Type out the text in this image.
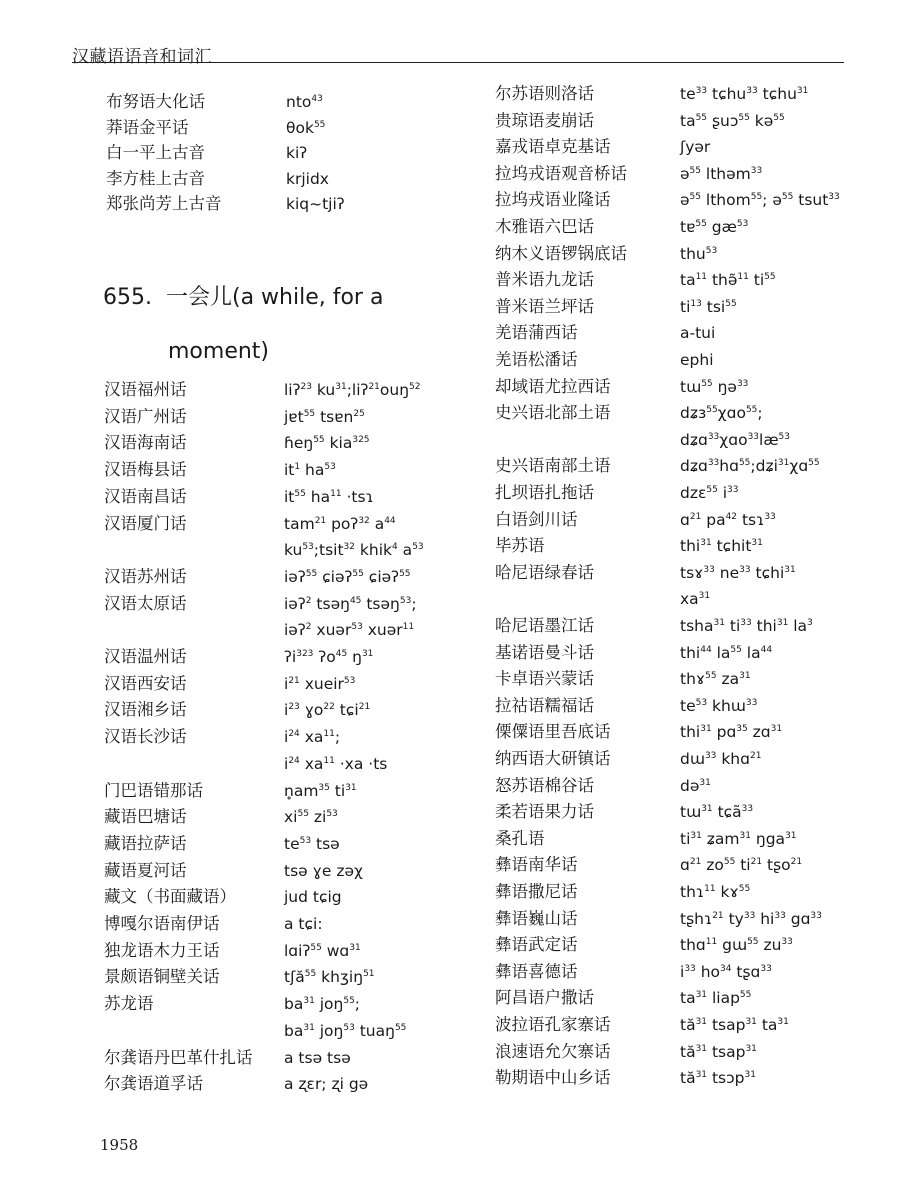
汉藏语语音和词汇
布努语大化话	nto$^{43}$
莽语金平话	θok$^{55}$
白一平上古音	kiʔ
李方桂上古音	krjidx
郑张尚芳上古音	kiq~tjiʔ
655. 一会儿(a while, for a
moment)
汉语福州话	liʔ$^{23}$ $ku^{31};liʔ^{21}ouŋ^{52}$
汉语广州话	jɐt$^{55}$ tsɐn$^{25}$
汉语海南话	ɦeŋ$^{55}$ kia$^{325}$
汉语梅县话	$it^1$ $ha^{53}$
汉语南昌话	$it^{55}$ $ha^{11}$ ·tsɿ
汉语厦门话	tam$^{21}$ poʔ$^{32}$ $a^{44}$
$ku^{53};tsit^{32}$ khik$^4$ $a^{53}$
汉语苏州话	iəʔ$^{55}$ ɕiəʔ$^{55}$ ɕiəʔ$^{55}$
汉语太原话	iəʔ$^2$ tsəŋ$^{45}$ tsəŋ$^{53}$;
iəʔ$^2$ xuər$^{53}$ xuər$^{11}$
汉语温州话	ʔi$^{323}$ ʔo$^{45}$ $ŋ^{31}$
汉语西安话	$i^{21}$ xueir$^{53}$
汉语湘乡话	$i^{23}$ ɣo$^{22}$ tɕi$^{21}$
汉语长沙话	$i^{24}$ $xa^{11}$;
$i^{24}$ $xa^{11} \cdot xa \cdot ts$
门巴语错那话	$n̥am^{35}$ $ti^{31}$
藏语巴塘话	$xi^{55}$ $zi^{53}$
藏语拉萨话	$te^{53}$ tsə
藏语夏河话	tsə ɣe zəχ
藏文（书面藏语）	jud tɕig
博嘎尔语南伊话	a tɕi:
独龙语木力王话	lɑiʔ$^{55}$ wɑ$^{31}$
景颇语铜壁关话	tʃă$^{55}$ khʒiŋ$^{51}$
苏龙语	$ba^{31}$ joŋ$^{55}$;
$ba^{31}$ joŋ$^{53}$ tuaŋ$^{55}$
尔龚语丹巴革什扎话 a tsə tsə
尔龚语道孚话	a ʐɛr; ʐi gə
尔苏语则洛话	$te^{33}$ tɕhu$^{33}$ tɕhu$^{31}$
贵琼语麦崩话	$ta^{55}$ ʂuɔ$^{55}$ kə$^{55}$
嘉戎语卓克基话	ʃyər
拉坞戎语观音桥话	ə$^{55}$ lthəm$^{33}$
拉坞戎语业隆话	ə$^{55}$ lthom$^{55}$; ə$^{55}$ tsut$^{33}$
木雅语六巴话	tɐ$^{55}$ $gæ^{53}$
纳木义语锣锅底话	thu$^{53}$
普米语九龙话	$ta^{11}$ thə̃$^{11}$ $ti^{55}$
普米语兰坪话	$ti^{13}$ tsi$^{55}$
羌语蒲西话	a-tui
羌语松潘话	ephi
却域语尤拉西话	tɯ$^{55}$ ŋə$^{33}$
史兴语北部土语	dʑɜ$^{55}$χɑo$^{55}$;
$dʑɑ^{33}\chi ɑo^{33}læ^{53}$
史兴语南部土语	dʑɑ$^{33}$hɑ$^{55}$;dʑi$^{31}$χɑ$^{55}$
扎坝语扎拖话	dzɛ$^{55}$ $i^{33}$
白语剑川话	ɑ$^{21}$ $pa^{42}$ tsɿ$^{33}$
毕苏语	thi$^{31}$ tɕhit$^{31}$
哈尼语绿春话	tsɤ$^{33}$ $ne^{33}$ tɕhi$^{31}$
$xa^{31}$
哈尼语墨江话	tsha$^{31}$ $ti^{33}$ thi$^{31}$ $la^3$
基诺语曼斗话	thi$^{44}$ $la^{55}$ $la^{44}$
卡卓语兴蒙话	thɤ$^{55}$ $za^{31}$
拉祜语糯福话	$te^{53}$ khɯ$^{33}$
傈僳语里吾底话	thi$^{31}$ pɑ$^{35}$ zɑ$^{31}$
纳西语大研镇话	dɯ$^{33}$ khɑ$^{21}$
怒苏语棉谷话	də$^{31}$
柔若语果力话	tɯ$^{31}$ tɕã$^{33}$
桑孔语	$ti^{31}$ ʑam$^{31}$ ŋga$^{31}$
彝语南华话	ɑ$^{21}$ $zo^{55}$ $ti^{21}$ tʂo$^{21}$
彝语撒尼话	thɿ$^{11}$ kɤ$^{55}$
彝语巍山话	tʂhɿ$^{21}$ $ty^{33}$ $hi^{33}$ gɑ$^{33}$
彝语武定话	thɑ$^{11}$ gɯ$^{55}$ $zu^{33}$
彝语喜德话	$i^{33}$ $ho^{34}$ tʂɑ$^{33}$
阿昌语户撒话	$ta^{31}$ liap$^{55}$
波拉语孔家寨话	$tă^{31}$ tsap$^{31}$ $ta^{31}$
浪速语允欠寨话	$tă^{31}$ tsap$^{31}$
勒期语中山乡话	$tă^{31}$ tsɔp$^{31}$
1958
